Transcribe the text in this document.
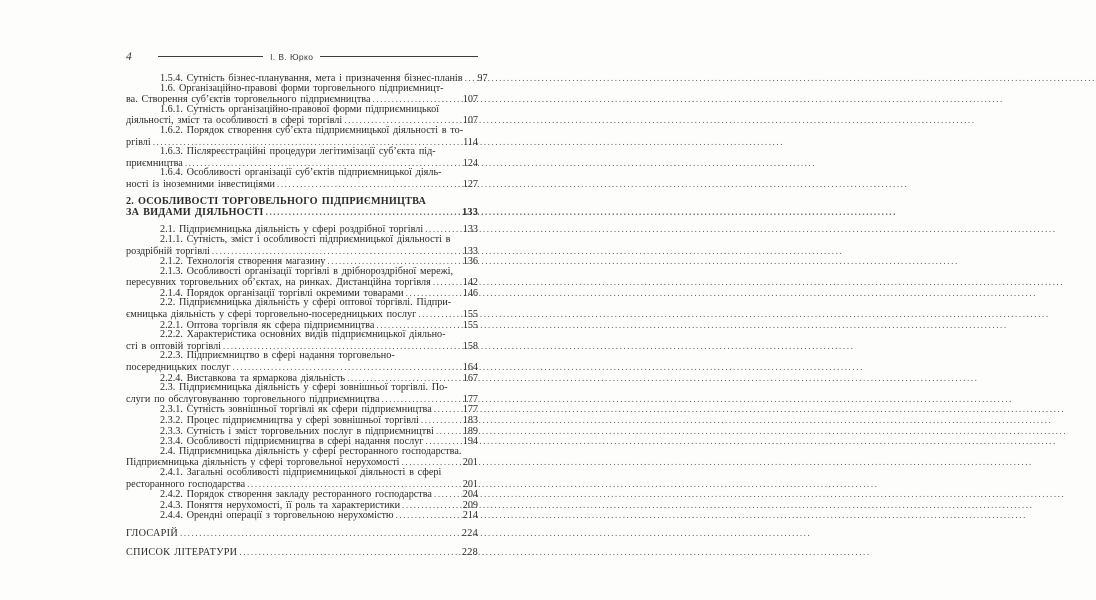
4	І. В. Юрко
1.5.4. Сутність бізнес-планування, мета і призначення бізнес-планів .....	97
1.6. Організаційно-правові форми торговельного підприємницт-
ва. Створення суб’єктів торговельного підприємництва .....	107
1.6.1. Сутність організаційно-правової форми підприємницької
діяльності, зміст та особливості в сфері торгівлі .....	107
1.6.2. Порядок створення суб’єкта підприємницької діяльності в то-
ргівлі .....	114
1.6.3. Післяреєстраційні процедури легітимізації суб’єкта під-
приємництва .....	124
1.6.4. Особливості організації суб’єктів підприємницької діяль-
ності із іноземними інвестиціями .....	127
2. ОСОБЛИВОСТІ ТОРГОВЕЛЬНОГО ПІДПРИЄМНИЦТВА
ЗА ВИДАМИ ДІЯЛЬНОСТІ .....	133
2.1. Підприємницька діяльність у сфері роздрібної торгівлі .....	133
2.1.1. Сутність, зміст і особливості підприємницької діяльності в
роздрібній торгівлі .....	133
2.1.2. Технологія створення магазину .....	136
2.1.3. Особливості організації торгівлі в дрібнороздрібної мережі,
пересувних торговельних об’єктах, на ринках. Дистанційна торгівля .....	142
2.1.4. Порядок організації торгівлі окремими товарами .....	146
2.2. Підприємницька діяльність у сфері оптової торгівлі. Підпри-
ємницька діяльність у сфері торговельно-посередницьких послуг .....	155
2.2.1. Оптова торгівля як сфера підприємництва .....	155
2.2.2. Характеристика основних видів підприємницької діяльно-
сті в оптовій торгівлі .....	158
2.2.3. Підприємництво в сфері надання торговельно-
посередницьких послуг .....	164
2.2.4. Виставкова та ярмаркова діяльність .....	167
2.3. Підприємницька діяльність у сфері зовнішньої торгівлі. По-
слуги по обслуговуванню торговельного підприємництва .....	177
2.3.1. Сутність зовнішньої торгівлі як сфери підприємництва .....	177
2.3.2. Процес підприємництва у сфері зовнішньої торгівлі .....	183
2.3.3. Сутність і зміст торговельних послуг в підприємництві .....	189
2.3.4. Особливості підприємництва в сфері надання послуг .....	194
2.4. Підприємницька діяльність у сфері ресторанного господарства.
Підприємницька діяльність у сфері торговельної нерухомості .....	201
2.4.1. Загальні особливості підприємницької діяльності в сфері
ресторанного господарства .....	201
2.4.2. Порядок створення закладу ресторанного господарства .....	204
2.4.3. Поняття нерухомості, її роль та характеристики .....	209
2.4.4. Орендні операції з торговельною нерухомістю .....	214
ГЛОСАРІЙ .....	224
СПИСОК ЛІТЕРАТУРИ .....	228
